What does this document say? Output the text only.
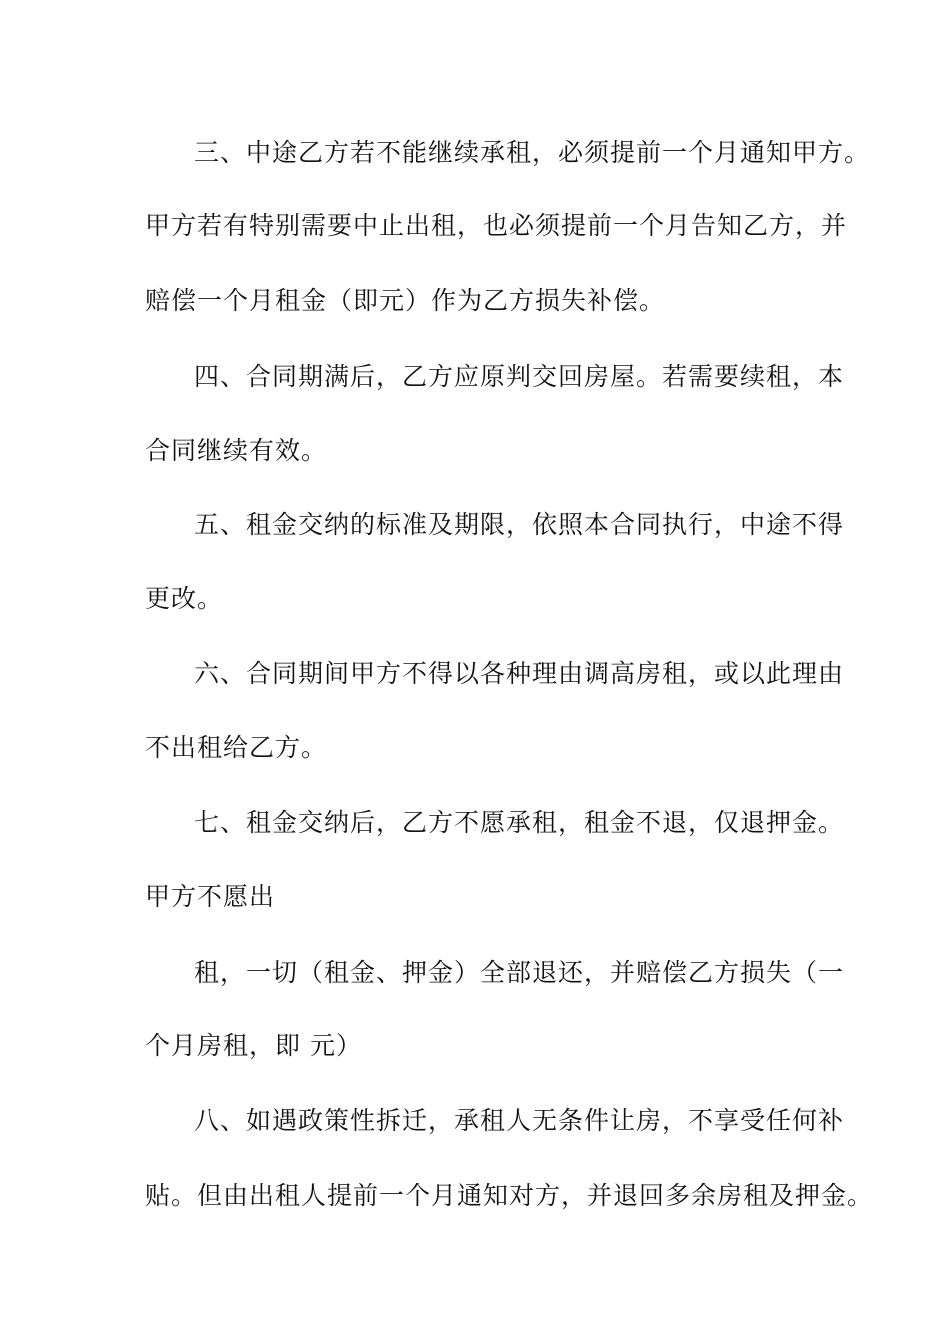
三、中途乙方若不能继续承租，必须提前一个月通知甲方。
甲方若有特别需要中止出租，也必须提前一个月告知乙方，并
赔偿一个月租金（即元）作为乙方损失补偿。
四、合同期满后，乙方应原判交回房屋。若需要续租，本
合同继续有效。
五、租金交纳的标准及期限，依照本合同执行，中途不得
更改。
六、合同期间甲方不得以各种理由调高房租，或以此理由
不出租给乙方。
七、租金交纳后，乙方不愿承租，租金不退，仅退押金。
甲方不愿出
租，一切（租金、押金）全部退还，并赔偿乙方损失（一
个月房租，即 元）
八、如遇政策性拆迁，承租人无条件让房，不享受任何补
贴。但由出租人提前一个月通知对方，并退回多余房租及押金。
